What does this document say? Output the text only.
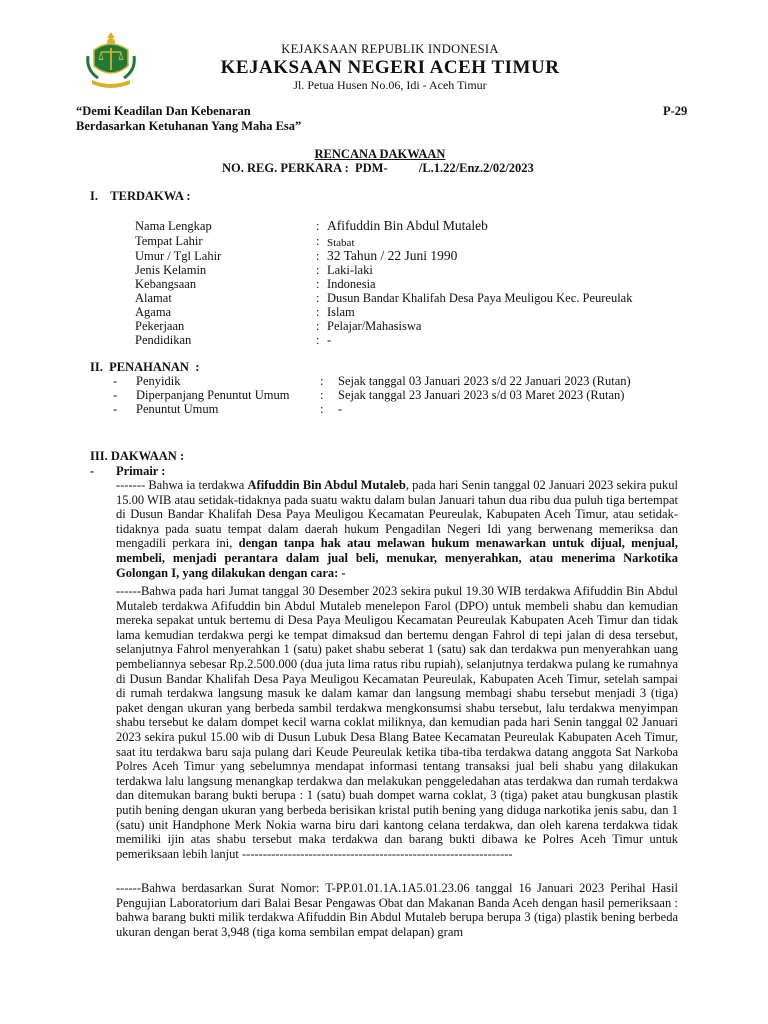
KEJAKSAAN REPUBLIK INDONESIA
KEJAKSAAN NEGERI ACEH TIMUR
Jl. Petua Husen No.06, Idi - Aceh Timur
“Demi Keadilan Dan Kebenaran
Berdasarkan Ketuhanan Yang Maha Esa”
P-29
RENCANA DAKWAAN
NO. REG. PERKARA :  PDM-          /L.1.22/Enz.2/02/2023
I.    TERDAKWA :
Nama Lengkap	: Afifuddin Bin Abdul Mutaleb
Tempat Lahir	: Stabat
Umur / Tgl Lahir	: 32 Tahun / 22 Juni 1990
Jenis Kelamin	: Laki-laki
Kebangsaan	: Indonesia
Alamat	: Dusun Bandar Khalifah Desa Paya Meuligou Kec. Peureulak
Agama	: Islam
Pekerjaan	: Pelajar/Mahasiswa
Pendidikan	: -
II.  PENAHANAN  :
- Penyidik	: Sejak tanggal 03 Januari 2023 s/d 22 Januari 2023 (Rutan)
- Diperpanjang Penuntut Umum : Sejak tanggal 23 Januari 2023 s/d 03 Maret 2023 (Rutan)
- Penuntut Umum	: -
III. DAKWAAN :
- Primair :

------- Bahwa ia terdakwa Afifuddin Bin Abdul Mutaleb, pada hari Senin tanggal 02 Januari 2023 sekira pukul 15.00 WIB atau setidak-tidaknya pada suatu waktu dalam bulan Januari tahun dua ribu dua puluh tiga bertempat di Dusun Bandar Khalifah Desa Paya Meuligou Kecamatan Peureulak, Kabupaten Aceh Timur, atau setidak-tidaknya pada suatu tempat dalam daerah hukum Pengadilan Negeri Idi yang berwenang memeriksa dan mengadili perkara ini, dengan tanpa hak atau melawan hukum menawarkan untuk dijual, menjual, membeli, menjadi perantara dalam jual beli, menukar, menyerahkan, atau menerima Narkotika Golongan I, yang dilakukan dengan cara: -

------Bahwa pada hari Jumat tanggal 30 Desember 2023 sekira pukul 19.30 WIB terdakwa Afifuddin Bin Abdul Mutaleb terdakwa Afifuddin bin Abdul Mutaleb menelepon Farol (DPO) untuk membeli shabu dan kemudian mereka sepakat untuk bertemu di Desa Paya Meuligou Kecamatan Peureulak Kabupaten Aceh Timur dan tidak lama kemudian terdakwa pergi ke tempat dimaksud dan bertemu dengan Fahrol di tepi jalan di desa tersebut, selanjutnya Fahrol menyerahkan 1 (satu) paket shabu seberat 1 (satu) sak dan terdakwa pun menyerahkan uang pembeliannya sebesar Rp.2.500.000 (dua juta lima ratus ribu rupiah), selanjutnya terdakwa pulang ke rumahnya di Dusun Bandar Khalifah Desa Paya Meuligou Kecamatan Peureulak, Kabupaten Aceh Timur, setelah sampai di rumah terdakwa langsung masuk ke dalam kamar dan langsung membagi shabu tersebut menjadi 3 (tiga) paket dengan ukuran yang berbeda sambil terdakwa mengkonsumsi shabu tersebut, lalu terdakwa menyimpan shabu tersebut ke dalam dompet kecil warna coklat miliknya, dan kemudian pada hari Senin tanggal 02 Januari 2023 sekira pukul 15.00 wib di Dusun Lubuk Desa Blang Batee Kecamatan Peureulak Kabupaten Aceh Timur, saat itu terdakwa baru saja pulang dari Keude Peureulak ketika tiba-tiba terdakwa datang anggota Sat Narkoba Polres Aceh Timur yang sebelumnya mendapat informasi tentang transaksi jual beli shabu yang dilakukan terdakwa lalu langsung menangkap terdakwa dan melakukan penggeledahan atas terdakwa dan rumah terdakwa dan ditemukan barang bukti berupa : 1 (satu) buah dompet warna coklat, 3 (tiga) paket atau bungkusan plastik putih bening dengan ukuran yang berbeda berisikan kristal putih bening yang diduga narkotika jenis sabu, dan 1 (satu) unit Handphone Merk Nokia warna biru dari kantong celana terdakwa, dan oleh karena terdakwa tidak memiliki ijin atas shabu tersebut maka terdakwa dan barang bukti dibawa ke Polres Aceh Timur untuk pemeriksaan lebih lanjut -----------------------------------------------------------------

------Bahwa berdasarkan Surat Nomor: T-PP.01.01.1A.1A5.01.23.06 tanggal 16 Januari 2023 Perihal Hasil Pengujian Laboratorium dari Balai Besar Pengawas Obat dan Makanan Banda Aceh dengan hasil pemeriksaan : bahwa barang bukti milik terdakwa Afifuddin Bin Abdul Mutaleb berupa berupa 3 (tiga) plastik bening berbeda ukuran dengan berat 3,948 (tiga koma sembilan empat delapan) gram
